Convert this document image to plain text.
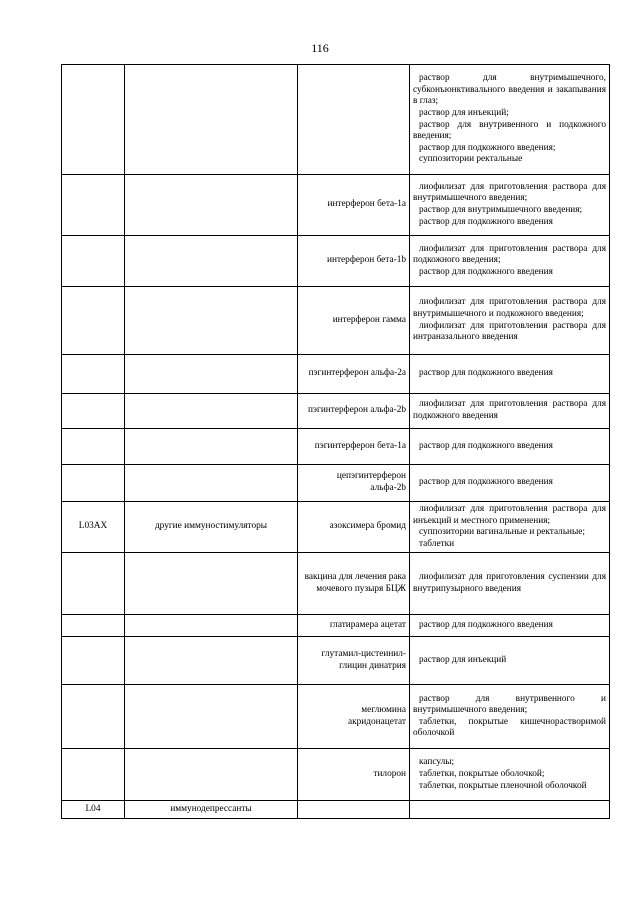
116

			раствор для внутримышечного, субконъюнктивального введения и закапывания в глаз;
раствор для инъекций;
раствор для внутривенного и подкожного введения;
раствор для подкожного введения;
суппозитории ректальные

		интерферон бета-1a	лиофилизат для приготовления раствора для внутримышечного введения;
раствор для внутримышечного введения;
раствор для подкожного введения

		интерферон бета-1b	лиофилизат для приготовления раствора для подкожного введения;
раствор для подкожного введения

		интерферон гамма	лиофилизат для приготовления раствора для внутримышечного и подкожного введения;
лиофилизат для приготовления раствора для интраназального введения

		пэгинтерферон альфа-2a	раствор для подкожного введения

		пэгинтерферон альфа-2b	лиофилизат для приготовления раствора для подкожного введения

		пэгинтерферон бета-1a	раствор для подкожного введения

		цепэгинтерферон альфа-2b	раствор для подкожного введения

L03AX	другие иммуностимуляторы	азоксимера бромид	лиофилизат для приготовления раствора для инъекций и местного применения;
суппозитории вагинальные и ректальные;
таблетки

		вакцина для лечения рака мочевого пузыря БЦЖ	лиофилизат для приготовления суспензии для внутрипузырного введения

		глатирамера ацетат	раствор для подкожного введения

		глутамил-цистеинил-глицин динатрия	раствор для инъекций

		меглюмина акридонацетат	раствор для внутривенного и внутримышечного введения;
таблетки, покрытые кишечнорастворимой оболочкой

		тилорон	капсулы;
таблетки, покрытые оболочкой;
таблетки, покрытые пленочной оболочкой

L04	иммунодепрессанты		
